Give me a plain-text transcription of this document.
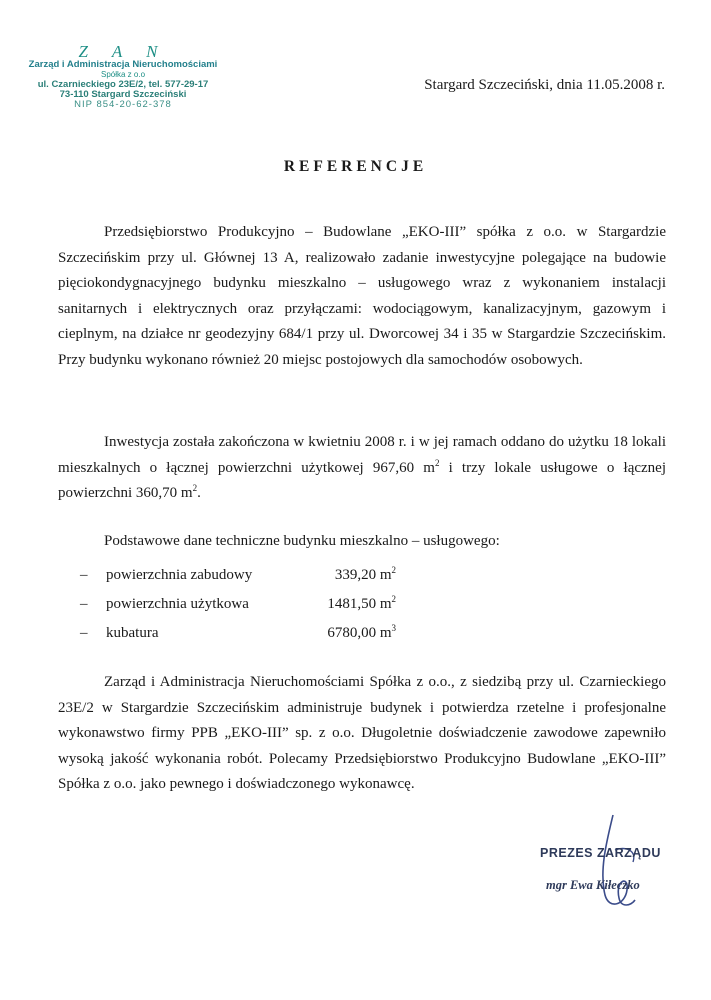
Z A N
Zarząd i Administracja Nieruchomościami
Spółka z o.o
ul. Czarnieckiego 23E/2, tel. 577-29-17
73-110 Stargard Szczeciński
NIP 854-20-62-378
Stargard Szczeciński, dnia 11.05.2008 r.
REFERENCJE

Przedsiębiorstwo Produkcyjno – Budowlane „EKO-III” spółka z o.o. w Stargardzie Szczecińskim przy ul. Głównej 13 A, realizowało zadanie inwestycyjne polegające na budowie pięciokondygnacyjnego budynku mieszkalno – usługowego wraz z wykonaniem instalacji sanitarnych i elektrycznych oraz przyłączami: wodociągowym, kanalizacyjnym, gazowym i cieplnym, na działce nr geodezyjny 684/1 przy ul. Dworcowej 34 i 35 w Stargardzie Szczecińskim. Przy budynku wykonano również 20 miejsc postojowych dla samochodów osobowych.

Inwestycja została zakończona w kwietniu 2008 r. i w jej ramach oddano do użytku 18 lokali mieszkalnych o łącznej powierzchni użytkowej 967,60 $m^2$ i trzy lokale usługowe o łącznej powierzchni 360,70 $m^2$.

Podstawowe dane techniczne budynku mieszkalno – usługowego:

– powierzchnia zabudowy	339,20 $m^2$
– powierzchnia użytkowa	1481,50 $m^2$
– kubatura	6780,00 $m^3$

Zarząd i Administracja Nieruchomościami Spółka z o.o., z siedzibą przy ul. Czarnieckiego 23E/2 w Stargardzie Szczecińskim administruje budynek i potwierdza rzetelne i profesjonalne wykonawstwo firmy PPB „EKO-III” sp. z o.o. Długoletnie doświadczenie zawodowe zapewniło wysoką jakość wykonania robót. Polecamy Przedsiębiorstwo Produkcyjno Budowlane „EKO-III” Spółka z o.o. jako pewnego i doświadczonego wykonawcę.

PREZES ZARZĄDU
mgr Ewa Kiłeczko
